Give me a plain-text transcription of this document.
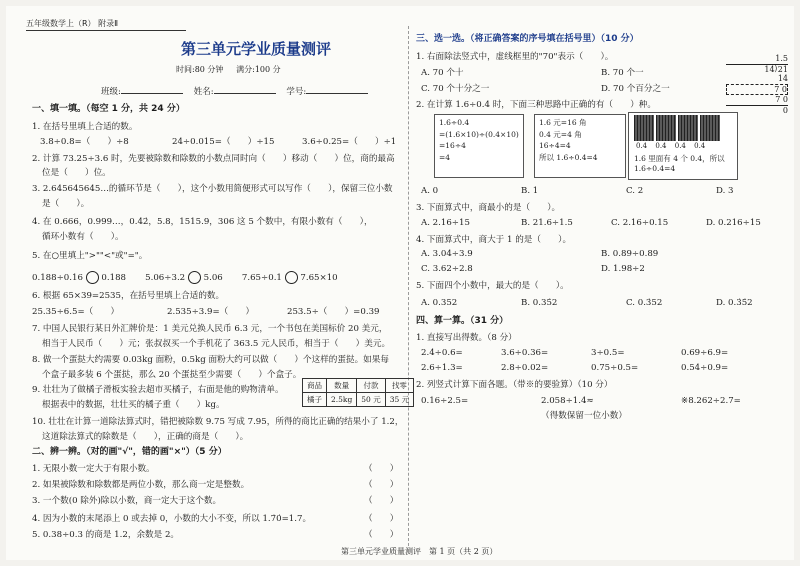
五年级数学上（R） 附录Ⅱ
第三单元学业质量测评
时间:80 分钟 满分:100 分
班级:	姓名:	学号:
一、填一填。（每空 1 分，共 24 分）
1. 在括号里填上合适的数。
3.8÷0.8=（　　）÷8	24÷0.015=（　　）÷15	3.6÷0.25=（　　）÷1
2. 计算 73.25÷3.6 时，先要被除数和除数的小数点同时向（　　）移动（　　）位，商的最高
位是（　　）位。
3. 2.645645645…的循环节是（　　），这个小数用简便形式可以写作（　　），保留三位小数
是（　　）。
4. 在 0.666，0.999…，0.4̇2̇，5.8，1515.9，306 这 5 个数中，有限小数有（　　），
循环小数有（　　）。
5. 在○里填上">""<"或"="。
0.188÷0.16 0.188 5.06÷3.2 5.06 7.65÷0.1 7.65×10
6. 根据 65×39=2535，在括号里填上合适的数。
25.35÷6.5=（　　）	2.535÷3.9=（　　）	253.5÷（　　）=0.39
7. 中国人民银行某日外汇牌价是：1 美元兑换人民币 6.3 元，一个书包在美国标价 20 美元，
相当于人民币（　　）元；张叔叔买一个手机花了 363.5 元人民币，相当于（　　）美元。
8. 做一个蛋挞大约需要 0.03kg 面粉，0.5kg 面粉大约可以做（　　）个这样的蛋挞。如果每
个盒子最多装 6 个蛋挞，那么 20 个蛋挞至少需要（　　）个盒子。
9. 壮壮为了做橘子滑板实验去超市买橘子，右面是他的购物清单。
根据表中的数据，壮壮买的橘子重（　　）kg。
10. 壮壮在计算一道除法算式时，错把被除数 9.75 写成 7.95，所得的商比正确的结果小了 1.2，
这道除法算式的除数是（　　），正确的商是（　　）。
二、辨一辨。（对的画"√"，错的画"×"）（5 分）
1. 无限小数一定大于有限小数。	（　　）
2. 如果被除数和除数都是两位小数，那么商一定是整数。	（　　）
3. 一个数(0 除外)除以小数，商一定大于这个数。	（　　）
4. 因为小数的末尾添上 0 或去掉 0，小数的大小不变，所以 1.7̇0̇=1.7。	（　　）
5. 0.38÷0.3 的商是 1.2，余数是 2。	（　　）
商品	数量	付款	找零
橘子	2.5kg	50 元	35 元
三、选一选。（将正确答案的序号填在括号里）（10 分）
1. 右面除法竖式中，虚线框里的"70"表示（　　）。
A. 70 个十	B. 70 个一
C. 70 个十分之一	D. 70 个百分之一
2. 在计算 1.6÷0.4 时，下面三种思路中正确的有（　　）种。
A. 0	B. 1	C. 2	D. 3
3. 下面算式中，商最小的是（　　）。
A. 2.16÷15	B. 21.6÷1.5	C. 2.16÷0.15	D. 0.216÷15
4. 下面算式中，商大于 1 的是（　　）。
A. 3.04÷3.9	B. 0.89÷0.89
C. 3.62÷2.8	D. 1.98÷2
5. 下面四个小数中，最大的是（　　）。
A. 0.352	B. 0.35̇2	C. 0.3̇52	D. 0.3̇5̇2
四、算一算。（31 分）
1. 直接写出得数。（8 分）
2.4÷0.6=	3.6÷0.36=	3÷0.5=	0.69÷6.9=
2.6÷1.3=	2.8÷0.02=	0.75÷0.5=	0.54÷0.9=
2. 列竖式计算下面各题。（带※的要验算）（10 分）
0.16÷2.5=	2.058÷1.4≈	※8.262÷2.7=
（得数保留一位小数）
1.5
14⟌21
14
7 0
7 0
0
1.6÷0.4
=(1.6×10)÷(0.4×10)
=16÷4
=4
1.6 元=16 角
0.4 元=4 角
16÷4=4
所以 1.6÷0.4=4
0.4 0.4 0.4 0.4
1.6 里面有 4 个 0.4，所以
1.6÷0.4=4
第三单元学业质量测评　第 1 页（共 2 页）
